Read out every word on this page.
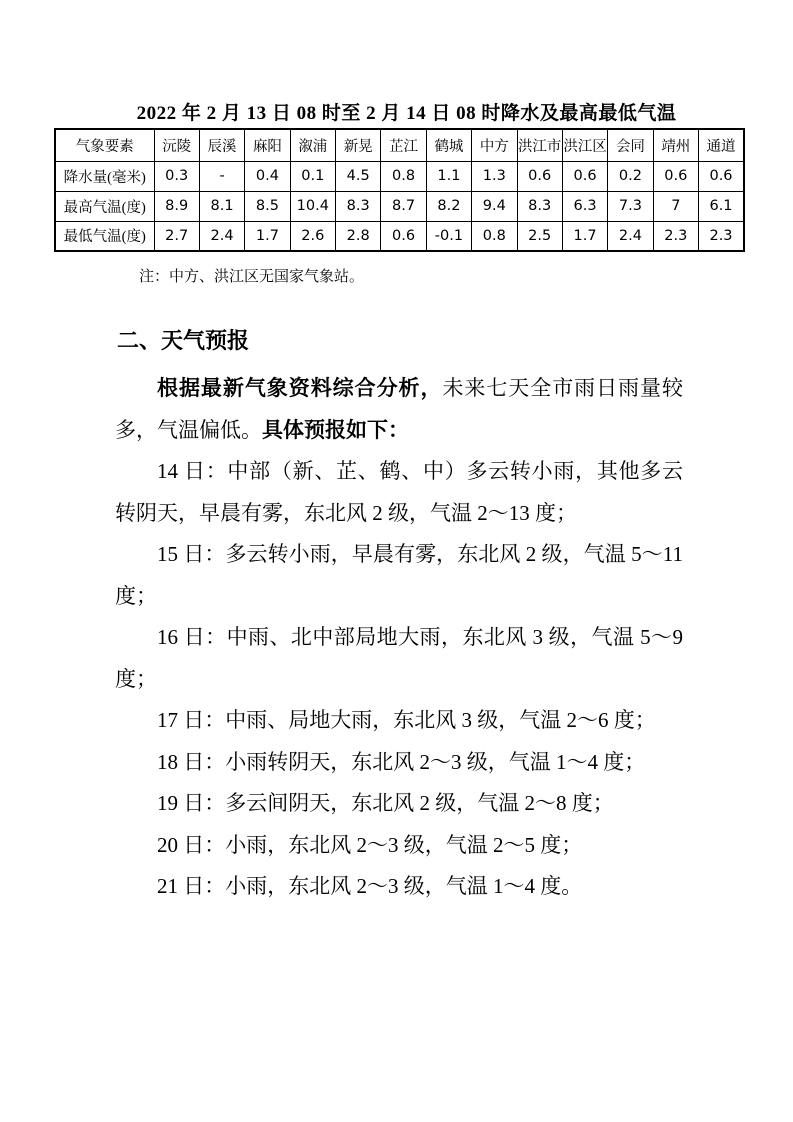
2022 年 2 月 13 日 08 时至 2 月 14 日 08 时降水及最高最低气温
气象要素	沅陵	辰溪	麻阳	溆浦	新晃	芷江	鹤城	中方	洪江市	洪江区	会同	靖州	通道
降水量(毫米)	0.3	-	0.4	0.1	4.5	0.8	1.1	1.3	0.6	0.6	0.2	0.6	0.6
最高气温(度)	8.9	8.1	8.5	10.4	8.3	8.7	8.2	9.4	8.3	6.3	7.3	7	6.1
最低气温(度)	2.7	2.4	1.7	2.6	2.8	0.6	-0.1	0.8	2.5	1.7	2.4	2.3	2.3
注：中方、洪江区无国家气象站。
二、天气预报

根据最新气象资料综合分析，未来七天全市雨日雨量较多，气温偏低。具体预报如下：

14 日：中部（新、芷、鹤、中）多云转小雨，其他多云转阴天，早晨有雾，东北风 2 级，气温 2～13 度；

15 日：多云转小雨，早晨有雾，东北风 2 级，气温 5～11 度；

16 日：中雨、北中部局地大雨，东北风 3 级，气温 5～9 度；

17 日：中雨、局地大雨，东北风 3 级，气温 2～6 度；

18 日：小雨转阴天，东北风 2～3 级，气温 1～4 度；

19 日：多云间阴天，东北风 2 级，气温 2～8 度；

20 日：小雨，东北风 2～3 级，气温 2～5 度；

21 日：小雨，东北风 2～3 级，气温 1～4 度。
